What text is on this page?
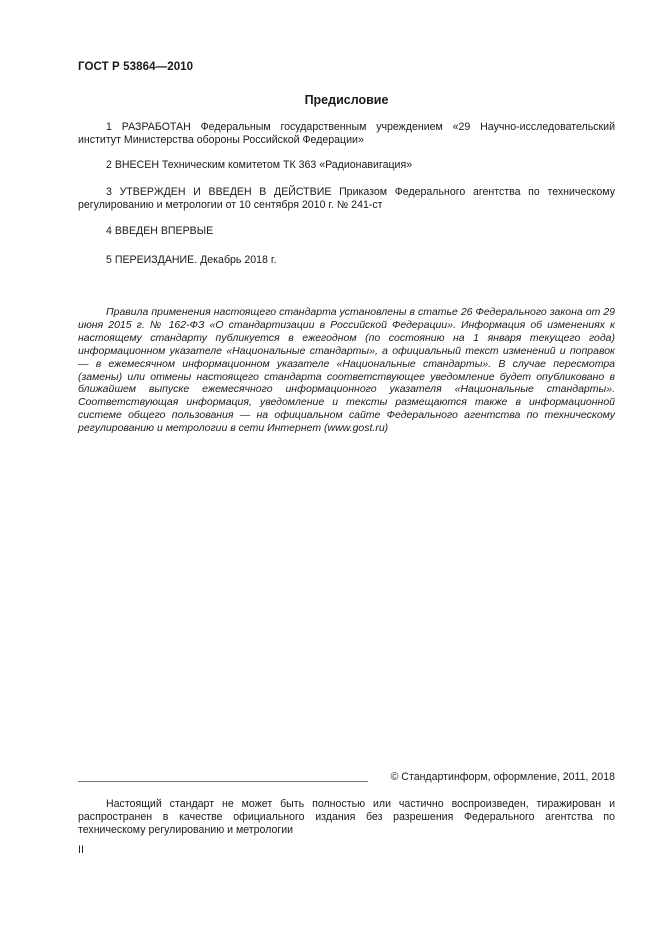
ГОСТ Р 53864—2010
Предисловие

1 РАЗРАБОТАН Федеральным государственным учреждением «29 Научно-исследовательский институт Министерства обороны Российской Федерации»

2 ВНЕСЕН Техническим комитетом ТК 363 «Радионавигация»

3 УТВЕРЖДЕН И ВВЕДЕН В ДЕЙСТВИЕ Приказом Федерального агентства по техническому регулированию и метрологии от 10 сентября 2010 г. № 241-ст

4 ВВЕДЕН ВПЕРВЫЕ

5 ПЕРЕИЗДАНИЕ. Декабрь 2018 г.

Правила применения настоящего стандарта установлены в статье 26 Федерального закона от 29 июня 2015 г. № 162-ФЗ «О стандартизации в Российской Федерации». Информация об изменениях к настоящему стандарту публикуется в ежегодном (по состоянию на 1 января текущего года) информационном указателе «Национальные стандарты», а официальный текст изменений и поправок — в ежемесячном информационном указателе «Национальные стандарты». В случае пересмотра (замены) или отмены настоящего стандарта соответствующее уведомление будет опубликовано в ближайшем выпуске ежемесячного информационного указателя «Национальные стандарты». Соответствующая информация, уведомление и тексты размещаются также в информационной системе общего пользования — на официальном сайте Федерального агентства по техническому регулированию и метрологии в сети Интернет (www.gost.ru)
© Стандартинформ, оформление, 2011, 2018
Настоящий стандарт не может быть полностью или частично воспроизведен, тиражирован и распространен в качестве официального издания без разрешения Федерального агентства по техническому регулированию и метрологии
II
